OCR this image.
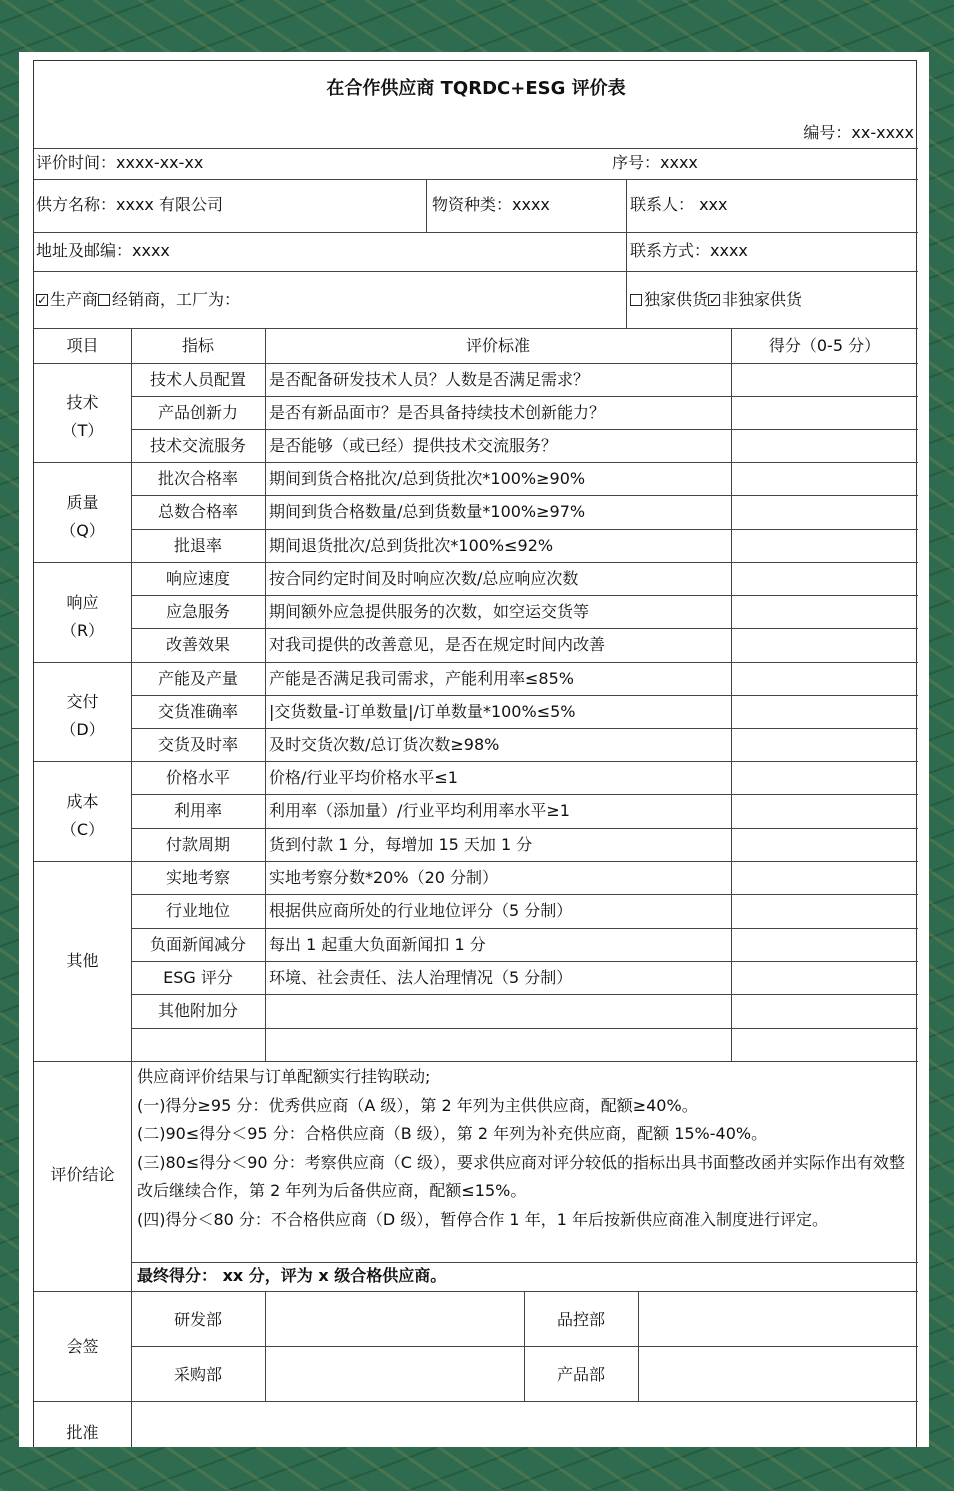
在合作供应商 TQRDC+ESG 评价表
编号：xx-xxxx
评价时间：xxxx-xx-xx	序号：xxxx
供方名称：xxxx 有限公司	物资种类：xxxx	联系人： xxx
地址及邮编：xxxx	联系方式：xxxx
✓生产商 经销商，工厂为：	独家供货✓ 非独家供货
项目	指标	评价标准	得分（0-5 分）
技术人员配置	是否配备研发技术人员？人数是否满足需求？
产品创新力	是否有新品面市？是否具备持续技术创新能力？
技术交流服务	是否能够（或已经）提供技术交流服务？
批次合格率	期间到货合格批次/总到货批次*100%≥90%
总数合格率	期间到货合格数量/总到货数量*100%≥97%
批退率	期间退货批次/总到货批次*100%≤92%
响应速度	按合同约定时间及时响应次数/总应响应次数
应急服务	期间额外应急提供服务的次数，如空运交货等
改善效果	对我司提供的改善意见，是否在规定时间内改善
产能及产量	产能是否满足我司需求，产能利用率≤85%
交货准确率	|交货数量-订单数量|/订单数量*100%≤5%
交货及时率	及时交货次数/总订货次数≥98%
价格水平	价格/行业平均价格水平≤1
利用率	利用率（添加量）/行业平均利用率水平≥1
付款周期	货到付款 1 分，每增加 15 天加 1 分
实地考察	实地考察分数*20%（20 分制）
行业地位	根据供应商所处的行业地位评分（5 分制）
负面新闻减分	每出 1 起重大负面新闻扣 1 分
ESG 评分	环境、社会责任、法人治理情况（5 分制）
其他附加分
技术
（T）
质量
（Q）
响应
（R）
交付
（D）
成本
（C）
其他
评价结论
供应商评价结果与订单配额实行挂钩联动;
(一)得分≥95 分：优秀供应商（A 级），第 2 年列为主供供应商，配额≥40%。
(二)90≤得分＜95 分：合格供应商（B 级），第 2 年列为补充供应商，配额 15%-40%。
(三)80≤得分＜90 分：考察供应商（C 级），要求供应商对评分较低的指标出具书面整改函并实际作出有效整改后继续合作，第 2 年列为后备供应商，配额≤15%。
(四)得分＜80 分：不合格供应商（D 级），暂停合作 1 年，1 年后按新供应商准入制度进行评定。
最终得分： xx 分，评为 x 级合格供应商。
会签
研发部	品控部
采购部	产品部
批准
